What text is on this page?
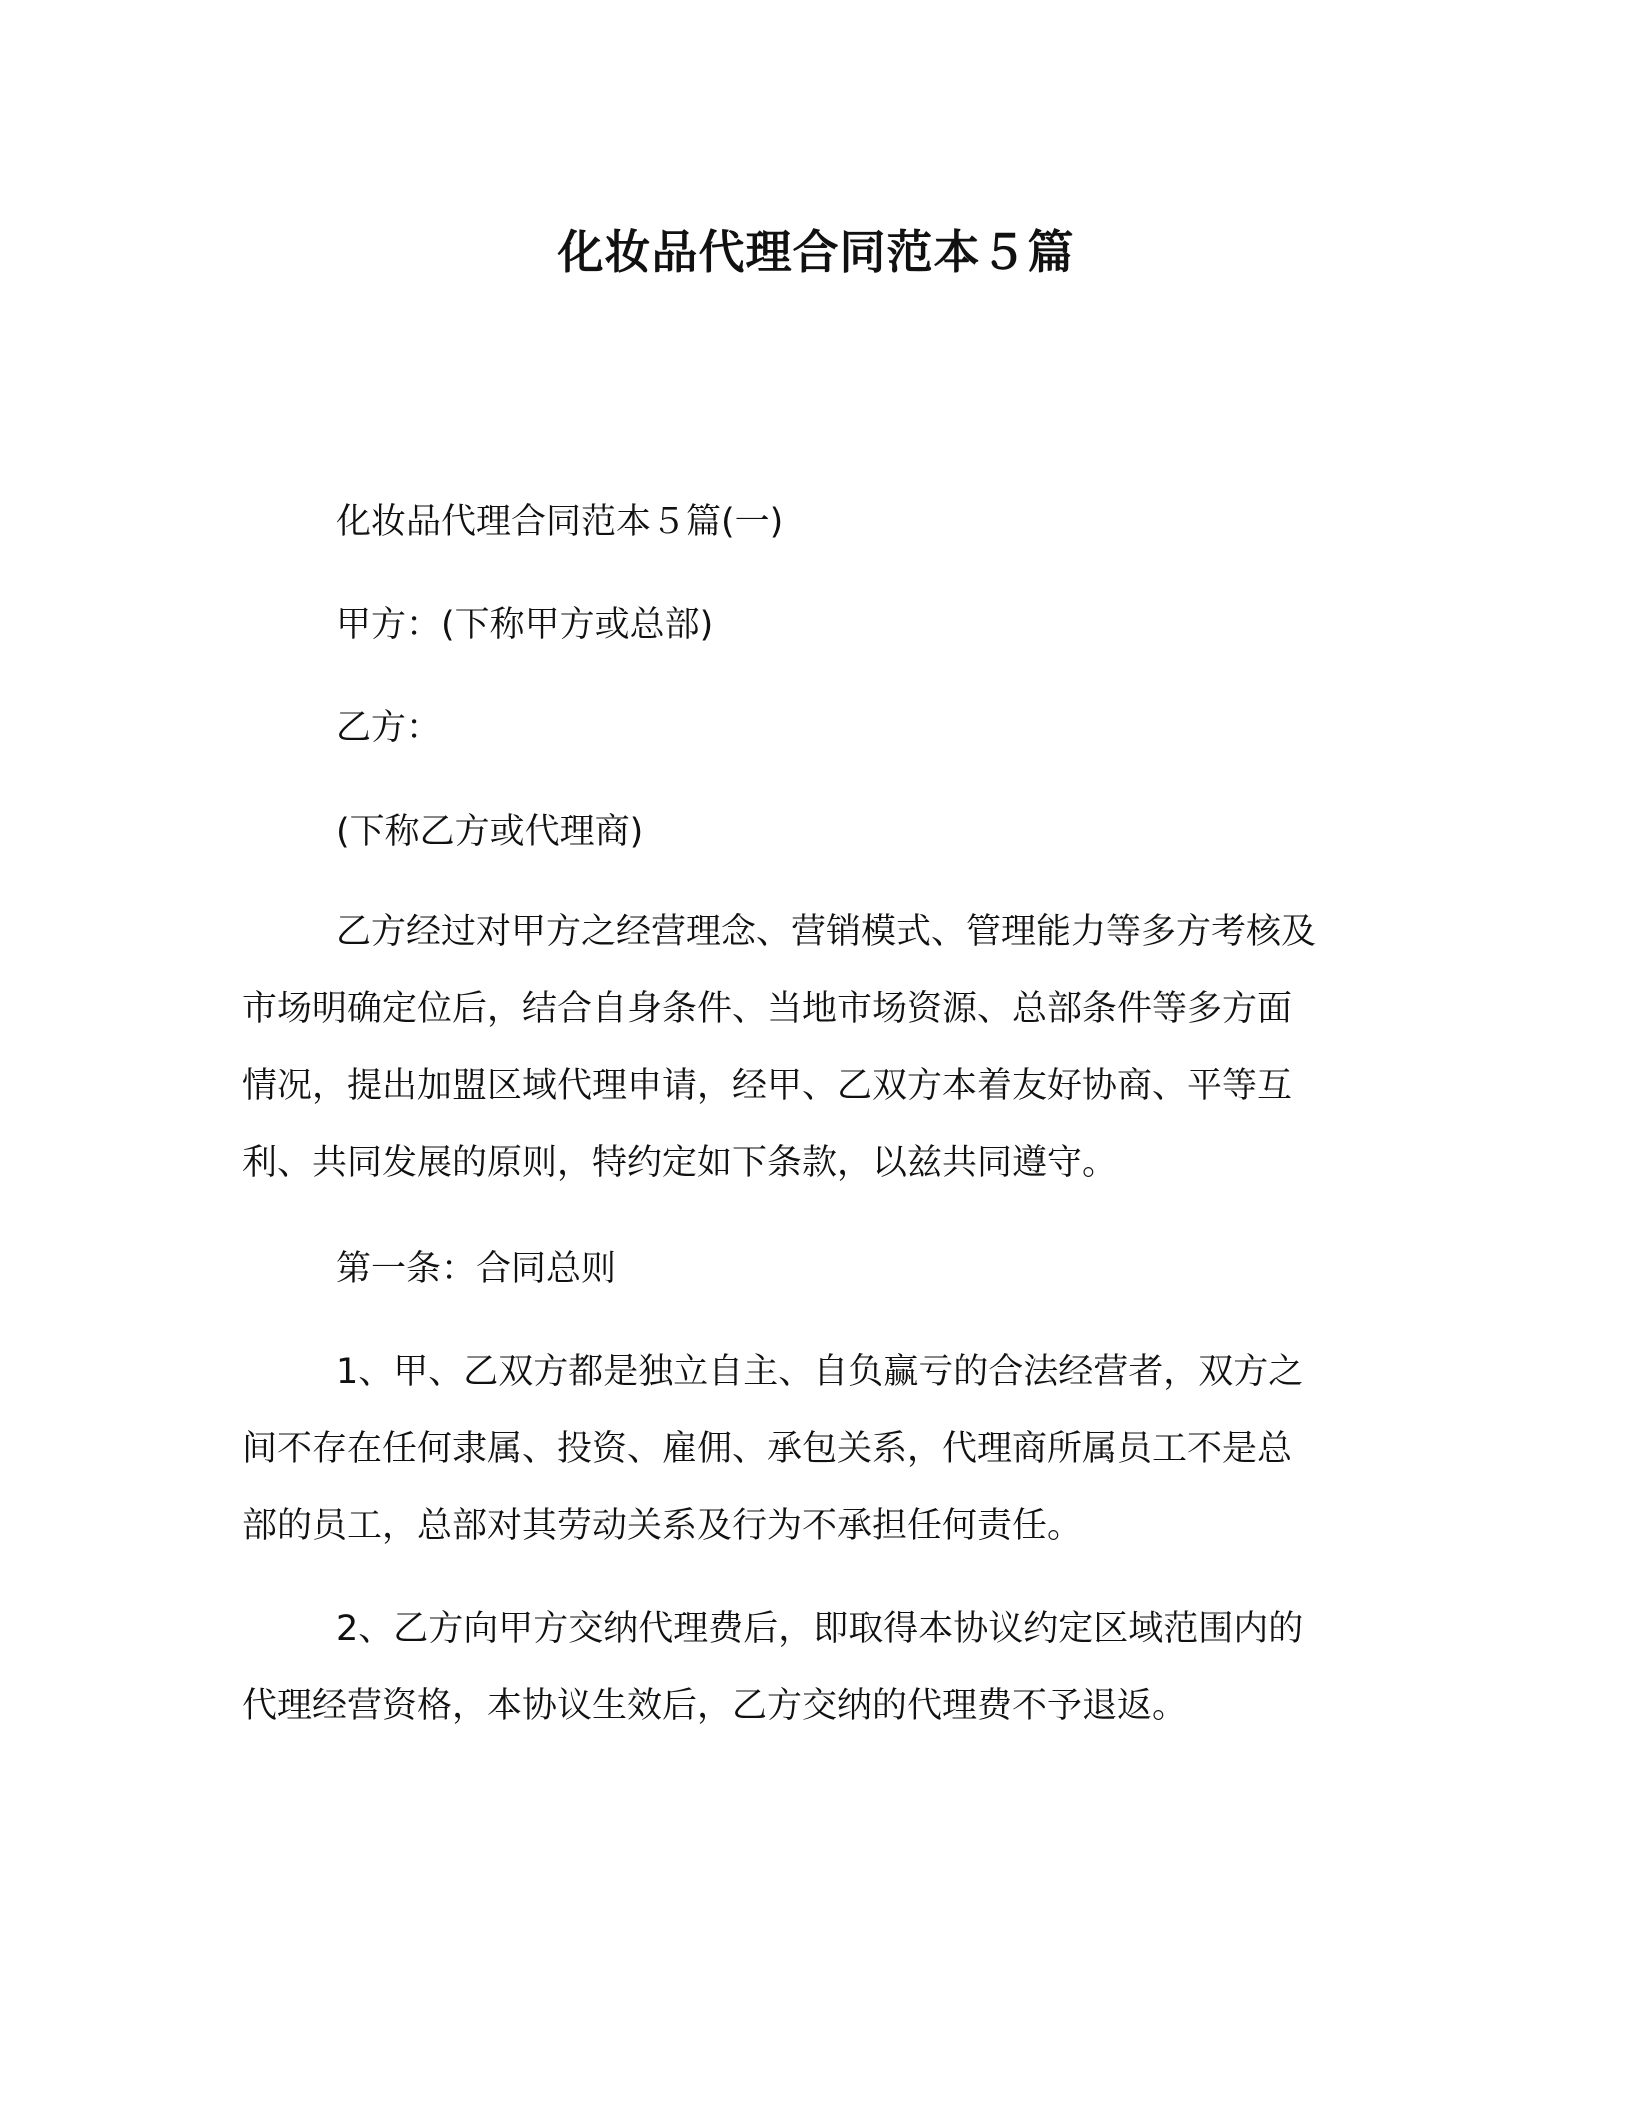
化妆品代理合同范本５篇
化妆品代理合同范本５篇(一)
甲方：(下称甲方或总部)
乙方：
(下称乙方或代理商)
乙方经过对甲方之经营理念、营销模式、管理能力等多方考核及
市场明确定位后，结合自身条件、当地市场资源、总部条件等多方面
情况，提出加盟区域代理申请，经甲、乙双方本着友好协商、平等互
利、共同发展的原则，特约定如下条款，以兹共同遵守。
第一条：合同总则
1、甲、乙双方都是独立自主、自负赢亏的合法经营者，双方之
间不存在任何隶属、投资、雇佣、承包关系，代理商所属员工不是总
部的员工，总部对其劳动关系及行为不承担任何责任。
2、乙方向甲方交纳代理费后，即取得本协议约定区域范围内的
代理经营资格，本协议生效后，乙方交纳的代理费不予退返。
